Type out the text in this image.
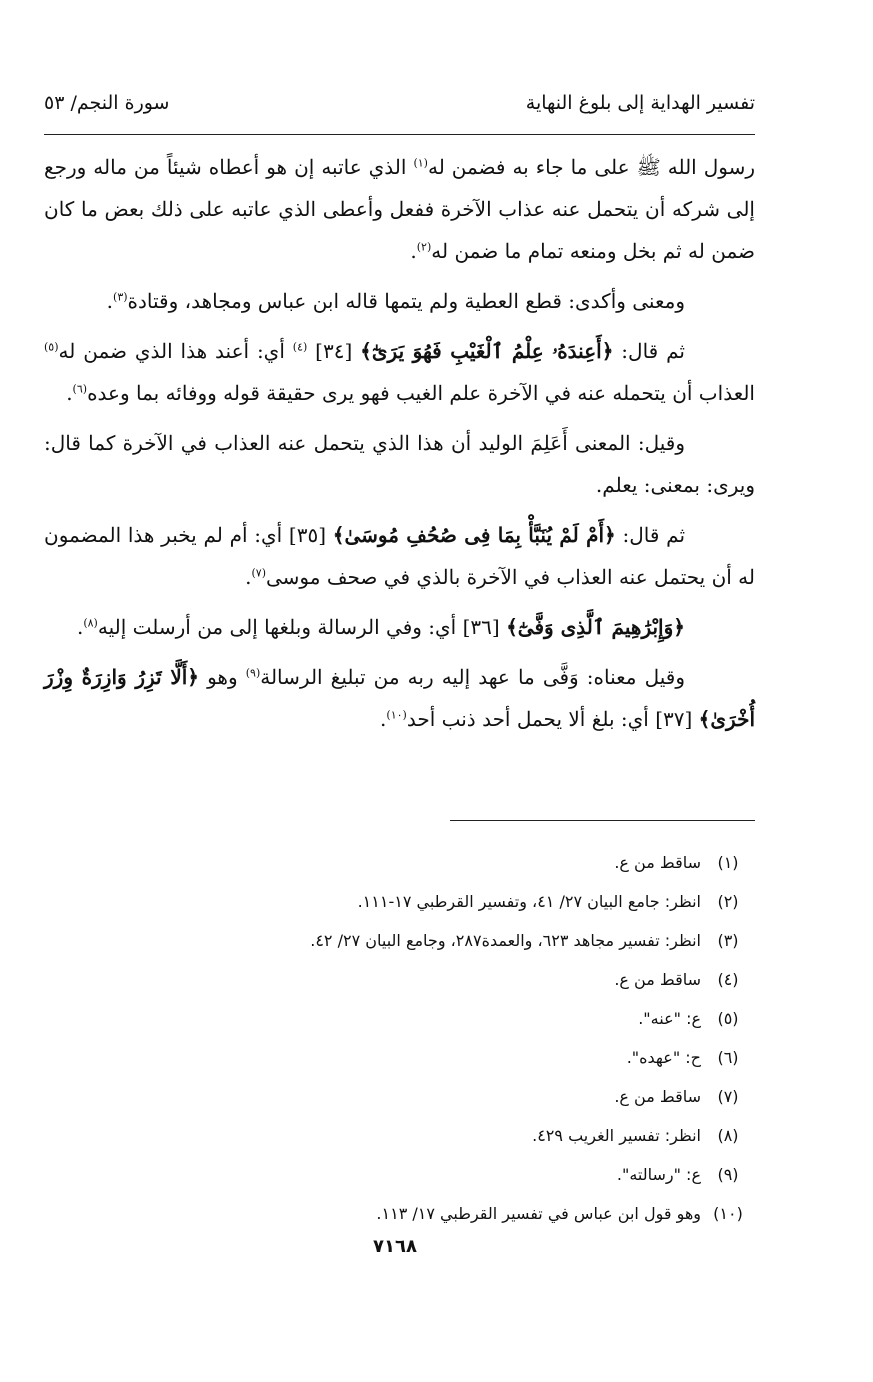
تفسير الهداية إلى بلوغ النهاية
سورة النجم/ ٥٣

رسول الله ﷺ على ما جاء به فضمن له$^{(١)}$ الذي عاتبه إن هو أعطاه شيئاً من ماله ورجع إلى شركه أن يتحمل عنه عذاب الآخرة ففعل وأعطى الذي عاتبه على ذلك بعض ما كان ضمن له ثم بخل ومنعه تمام ما ضمن له$^{(٢)}$.

ومعنى وأكدى: قطع العطية ولم يتمها قاله ابن عباس ومجاهد، وقتادة$^{(٣)}$.

ثم قال: ﴿أَعِندَهُۥ عِلْمُ ٱلْغَيْبِ فَهُوَ يَرَىٰٓ﴾ [٣٤] $^{(٤)}$ أي: أعند هذا الذي ضمن له$^{(٥)}$ العذاب أن يتحمله عنه في الآخرة علم الغيب فهو يرى حقيقة قوله ووفائه بما وعده$^{(٦)}$.

وقيل: المعنى أَعَلِمَ الوليد أن هذا الذي يتحمل عنه العذاب في الآخرة كما قال: ويرى: بمعنى: يعلم.

ثم قال: ﴿أَمْ لَمْ يُنَبَّأْ بِمَا فِى صُحُفِ مُوسَىٰ﴾ [٣٥] أي: أم لم يخبر هذا المضمون له أن يحتمل عنه العذاب في الآخرة بالذي في صحف موسى$^{(٧)}$.

﴿وَإِبْرَٰهِيمَ ٱلَّذِى وَفَّىٰٓ﴾ [٣٦] أي: وفي الرسالة وبلغها إلى من أرسلت إليه$^{(٨)}$.

وقيل معناه: وَفَّى ما عهد إليه ربه من تبليغ الرسالة$^{(٩)}$ وهو ﴿أَلَّا تَزِرُ وَازِرَةٌ وِزْرَ أُخْرَىٰ﴾ [٣٧] أي: بلغ ألا يحمل أحد ذنب أحد$^{(١٠)}$.

(١)
ساقط من ع.
(٢)
انظر: جامع البيان ٢٧/ ٤١، وتفسير القرطبي ١٧-١١١.
(٣)
انظر: تفسير مجاهد ٦٢٣، والعمدة٢٨٧، وجامع البيان ٢٧/ ٤٢.
(٤)
ساقط من ع.
(٥)
ع: "عنه".
(٦)
ح: "عهده".
(٧)
ساقط من ع.
(٨)
انظر: تفسير الغريب ٤٢٩.
(٩)
ع: "رسالته".
(١٠)
وهو قول ابن عباس في تفسير القرطبي ١٧/ ١١٣.
٧١٦٨
